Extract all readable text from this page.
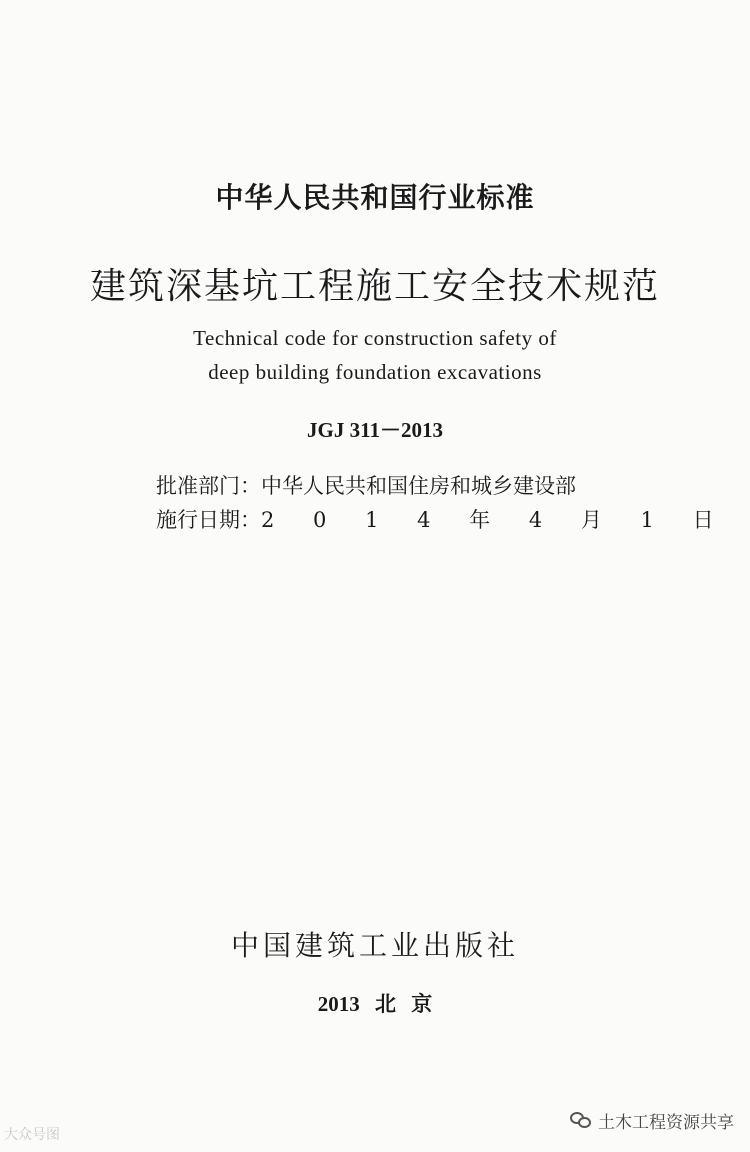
中华人民共和国行业标准
建筑深基坑工程施工安全技术规范
Technical code for construction safety of
deep building foundation excavations
JGJ 311－2013
批准部门：中华人民共和国住房和城乡建设部
施行日期：2 0 1 4 年 4 月 1 日
中国建筑工业出版社
2013 北 京
土木工程资源共享
大众号图
